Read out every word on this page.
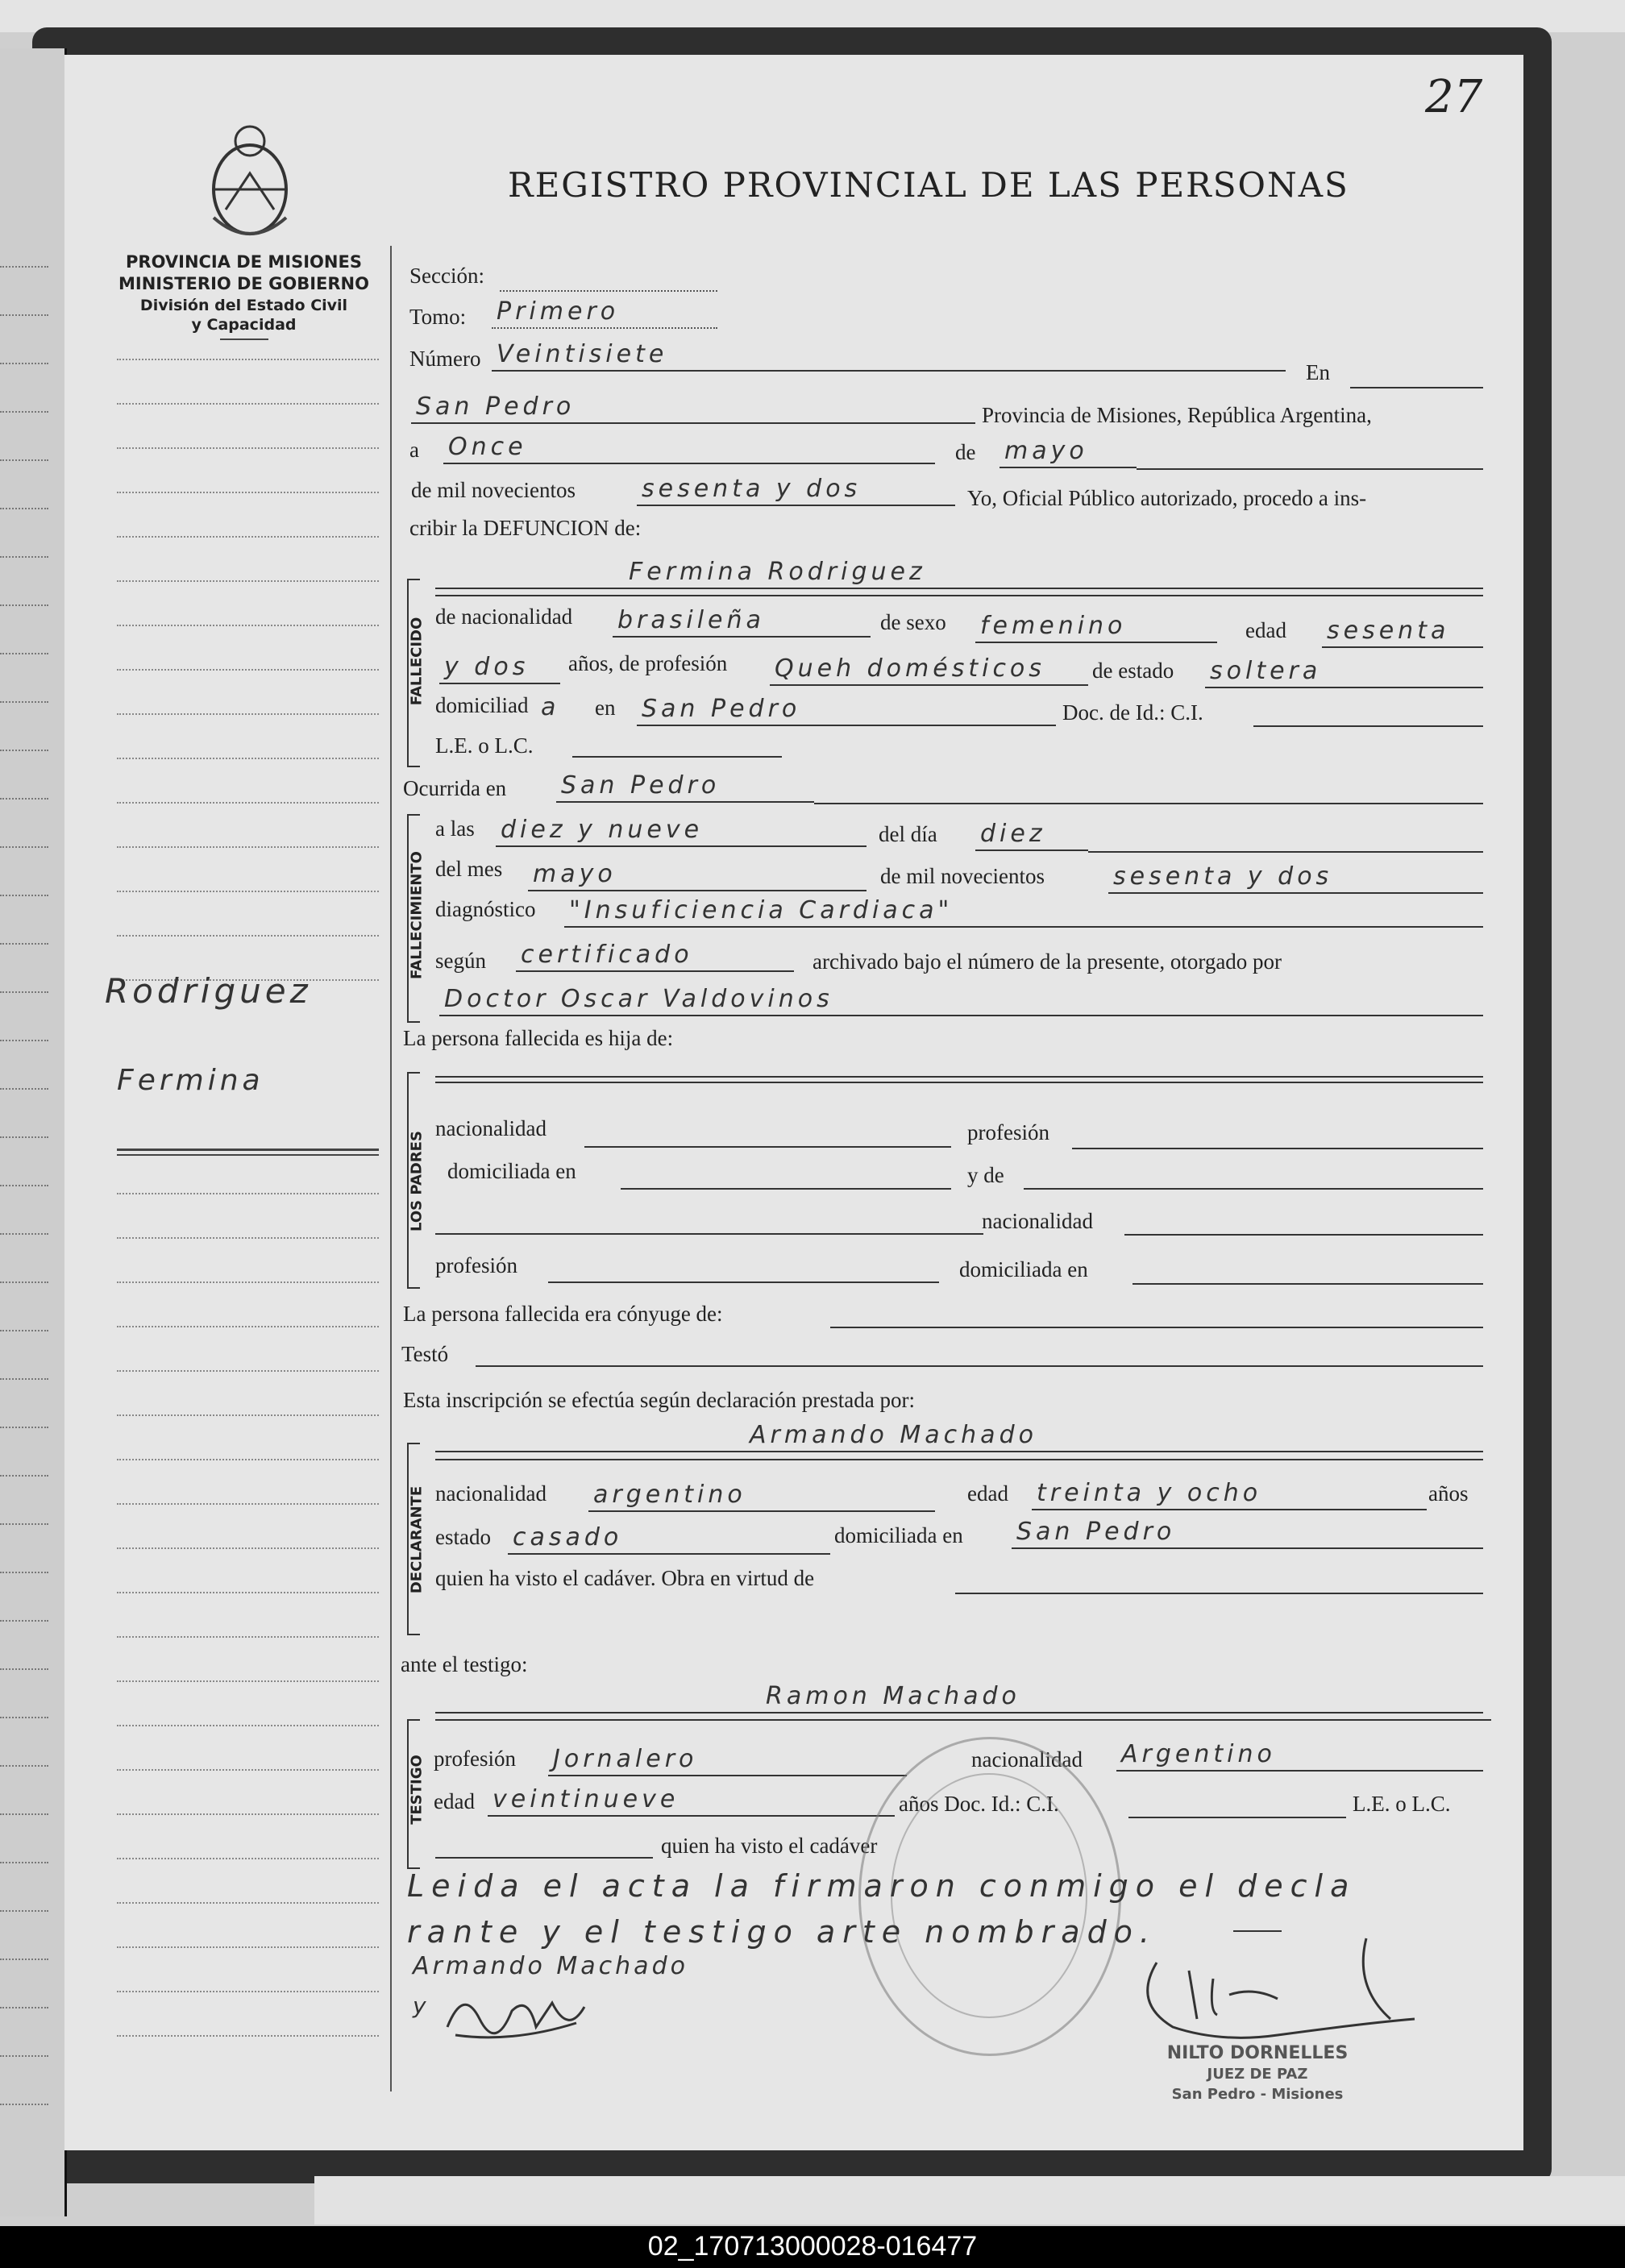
27
REGISTRO PROVINCIAL DE LAS PERSONAS
PROVINCIA DE MISIONES
MINISTERIO DE GOBIERNO
División del Estado Civil
y Capacidad
Rodriguez
Fermina
Sección:
Tomo: Primero
Número Veintisiete
En
San Pedro	Provincia de Misiones, República Argentina,
a Once	de mayo
de mil novecientos	sesenta y dos	Yo, Oficial Público autorizado, procedo a ins-
cribir la DEFUNCION de:
FALLECIDO
Fermina Rodriguez
de nacionalidad brasileña	de sexo femenino	edad sesenta
y dos	años, de profesión Queh domésticos	de estado soltera
domiciliad a	en San Pedro	Doc. de Id.: C.I.
L.E. o L.C.
Ocurrida en San Pedro
FALLECIMIENTO
a las diez y nueve	del día diez
del mes mayo	de mil novecientos	sesenta y dos
diagnóstico "Insuficiencia Cardiaca"
según certificado	archivado bajo el número de la presente, otorgado por
Doctor Oscar Valdovinos
La persona fallecida es hija de:
LOS PADRES
nacionalidad	profesión
domiciliada en	y de
nacionalidad
profesión	domiciliada en
La persona fallecida era cónyuge de:
Testó
Esta inscripción se efectúa según declaración prestada por:
DECLARANTE
Armando Machado
nacionalidad argentino	edad treinta y ocho	años
estado casado	domiciliada en San Pedro
quien ha visto el cadáver. Obra en virtud de
ante el testigo:
TESTIGO
Ramon Machado
profesión Jornalero	nacionalidad Argentino
edad veintinueve	años Doc. Id.: C.I.	L.E. o L.C.
quien ha visto el cadáver
Leida el acta la firmaron conmigo el decla
rante y el testigo arte nombrado.
Armando Machado
y
NILTO DORNELLES
JUEZ DE PAZ
San Pedro - Misiones
02_170713000028-016477
